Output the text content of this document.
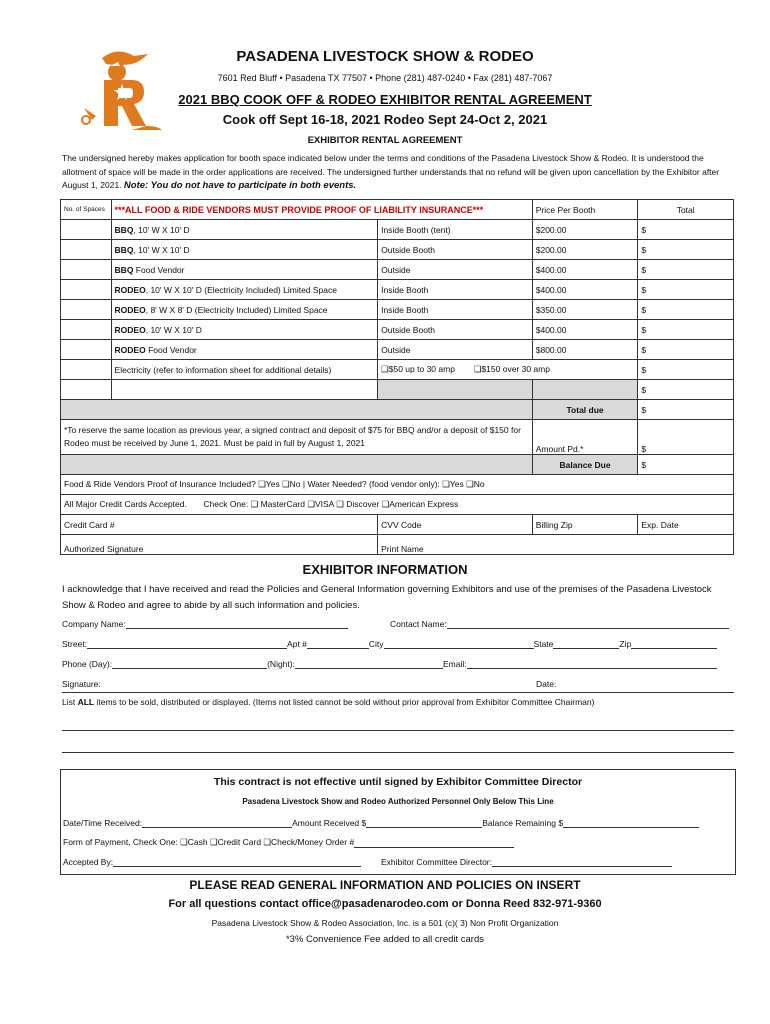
PASADENA LIVESTOCK SHOW & RODEO
7601 Red Bluff • Pasadena TX 77507 • Phone (281) 487-0240 • Fax (281) 487-7067
2021 BBQ COOK OFF & RODEO EXHIBITOR RENTAL AGREEMENT
Cook off Sept 16-18, 2021 Rodeo Sept 24-Oct 2, 2021
EXHIBITOR RENTAL AGREEMENT
The undersigned hereby makes application for booth space indicated below under the terms and conditions of the Pasadena Livestock Show & Rodeo. It is understood the allotment of space will be made in the order applications are received. The undersigned further understands that no refund will be given upon cancellation by the Exhibitor after August 1, 2021. Note: You do not have to participate in both events.
No. of Spaces	***ALL FOOD & RIDE VENDORS MUST PROVIDE PROOF OF LIABILITY INSURANCE***		Price Per Booth	Total
	BBQ, 10' W X 10' D	Inside Booth (tent)	$200.00	$
	BBQ, 10' W X 10' D	Outside Booth	$200.00	$
	BBQ Food Vendor	Outside	$400.00	$
	RODEO, 10' W X 10' D (Electricity Included) Limited Space	Inside Booth	$400.00	$
	RODEO, 8' W X 8' D (Electricity Included) Limited Space	Inside Booth	$350.00	$
	RODEO, 10' W X 10' D	Outside Booth	$400.00	$
	RODEO Food Vendor	Outside	$800.00	$
	Electricity (refer to information sheet for additional details)	❑$50 up to 30 amp        ❑$150 over 30 amp		$
				$
			Total due	$
*To reserve the same location as previous year, a signed contract and deposit of $75 for BBQ and/or a deposit of $150 for Rodeo must be received by June 1, 2021. Must be paid in full by August 1, 2021			Amount Pd.*	$
			Balance Due	$
Food & Ride Vendors Proof of Insurance Included? ❑Yes ❑No | Water Needed? (food vendor only): ❑Yes ❑No				
All Major Credit Cards Accepted. Check One: ❑ MasterCard ❑VISA ❑ Discover ❑American Express				
Credit Card #		CVV Code	Billing Zip	Exp. Date
Authorized Signature		Print Name		
EXHIBITOR INFORMATION
I acknowledge that I have received and read the Policies and General Information governing Exhibitors and use of the premises of the Pasadena Livestock Show & Rodeo and agree to abide by all such information and policies.
Company Name:	Contact Name:
Street:	Apt #	City	State	Zip
Phone (Day):	(Night):	Email:
Signature:	Date:
List ALL items to be sold, distributed or displayed. (Items not listed cannot be sold without prior approval from Exhibitor Committee Chairman)
This contract is not effective until signed by Exhibitor Committee Director
Pasadena Livestock Show and Rodeo Authorized Personnel Only Below This Line
Date/Time Received:	Amount Received $	Balance Remaining $
Form of Payment, Check One: ❑Cash ❑Credit Card ❑Check/Money Order #
Accepted By:	Exhibitor Committee Director:
PLEASE READ GENERAL INFORMATION AND POLICIES ON INSERT
For all questions contact office@pasadenarodeo.com or Donna Reed 832-971-9360
Pasadena Livestock Show & Rodeo Association, Inc. is a 501 (c)( 3) Non Profit Organization
*3% Convenience Fee added to all credit cards
